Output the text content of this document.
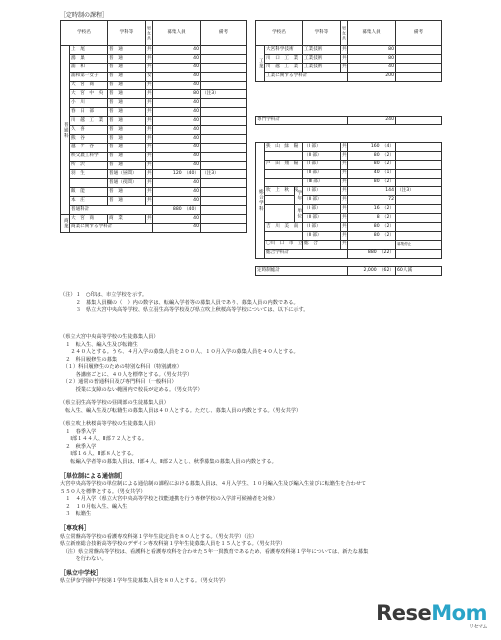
［定時制の課程］
学校名		学科等	男女共	募集人員	備考
普通科	上　尾	普　通	共	40	
	鴻　巣	普　通	共	40	
	浦　和	普　通	共	40	
	浦和第一女子	普　通	女	40	
	大　宮　商	普　通	共	40	
	大　宮　中　央	普　通	共	80	（注3）
	小　川	普　通	共	40	
	春　日　部	普　通	共	40	
	川　越　工　業	普　通	共	40	
	久　喜	普　通	共	40	
	熊　谷	普　通	共	40	
	越　ケ　谷	普　通	共	40	
	秩父農工科学	普　通	共	40	
	所　沢	普　通	共	40	
	羽　生	普通（昼間）	共	120　（40）	（注3）
		普通（夜間）	共	40	
	飯　能	普　通	共	40	
	本　庄	普　通	共	40	
	普通科計			880　（40）	
商業	大　宮　商	商　業	共	40	
	商業に関する学科計			40	
学校名		学科等	男女共	募集人員	備考
工業	大宮科学技術	工業技術	共	80	
	川　口　工　業	工業技術	共	80	
	川　越　工　業	工業技術	共	40	
	工業に関する学科計			200	

専門学科計				240	
総合学科	狭　山　緑　陽		（Ⅰ 部）	共	160　（4）	
			（Ⅱ 部）	共	80　（2）	
	戸　田　翔　陽		（Ⅰ 部）	共	80　（2）	
			（Ⅱ 部）	共	40　（1）	
			（Ⅲ 部）	共	80　（2）	
	吹　上　秋　桜	学年	（Ⅰ 部）	共	144	（注3）
			（Ⅱ 部）	共	72	
		単位	（Ⅰ 部）	共	16　（2）	
			（Ⅱ 部）	共	8　（2）	
	吉　川　美　南		（Ⅰ 部）	共	80　（2）	
			（Ⅱ 部）	共	80　（2）	
	〇川　口　市　立		総　合	共		募集停止
	総合学科計				880　（22）	
定時制総計	2,000　（62）	60人減

（注）１　○印は、市立学校を示す。

　　　２　募集人員欄の（　）内の数字は、転編入学者等の募集人員であり、募集人員の内数である。

　　　３　県立大宮中央高等学校、県立羽生高等学校及び県立吹上秋桜高等学校については、以下に示す。

（県立大宮中央高等学校の生徒募集人員）

　１　転入生、編入生及び転籍生

　　２４０人とする。うち、４月入学の募集人員を２００人、１０月入学の募集人員を４０人とする。

　２　科目履修生の募集

　（１）科目履修生のための特別な科目（特別講座）

　　　各講座ごとに、４０人を標準とする。（男女共学）

　（２）通常の普通科目及び専門科目（一般科目）

　　　授業に支障のない範囲内で校長が定める。（男女共学）

（県立羽生高等学校の昼間部の生徒募集人員）

　転入生、編入生及び転籍生の募集人員は４０人とする。ただし、募集人員の内数とする。（男女共学）

（県立吹上秋桜高等学校の生徒募集人員）

　１　春季入学

　　Ⅰ部１４４人、Ⅱ部７２人とする。

　２　秋季入学

　　Ⅰ部１６人、Ⅱ部８人とする。

　　転編入学者等の募集人員は、Ⅰ部４人、Ⅱ部２人とし、秋季募集の募集人員の内数とする。

［単位制による通信制］

大宮中央高等学校の単位制による通信制の課程における募集人員は、４月入学生、１０月編入生及び編入生並びに転籍生を合わせて

５５０人を標準とする。（男女共学）

　１　４月入学（県立大宮中央高等学校と技能連携を行う専修学校の入学許可候補者を対象）

　２　１０月転入生、編入生

　３　転籍生

［専攻科］

県立常盤高等学校の看護専攻科第１学年生徒定員を８０人とする。（男女共学）（注）

県立新座総合技術高等学校のデザイン専攻科第１学年生徒募集人員を１５人とする。（男女共学）

　（注）県立常盤高等学校は、看護科と看護専攻科を合わせた５年一貫教育であるため、看護専攻科第１学年については、新たな募集

　　　を行わない。

［県立中学校］

県立伊奈学園中学校第１学年生徒募集人員を８０人とする。（男女共学）

ReseMom
リセマム
